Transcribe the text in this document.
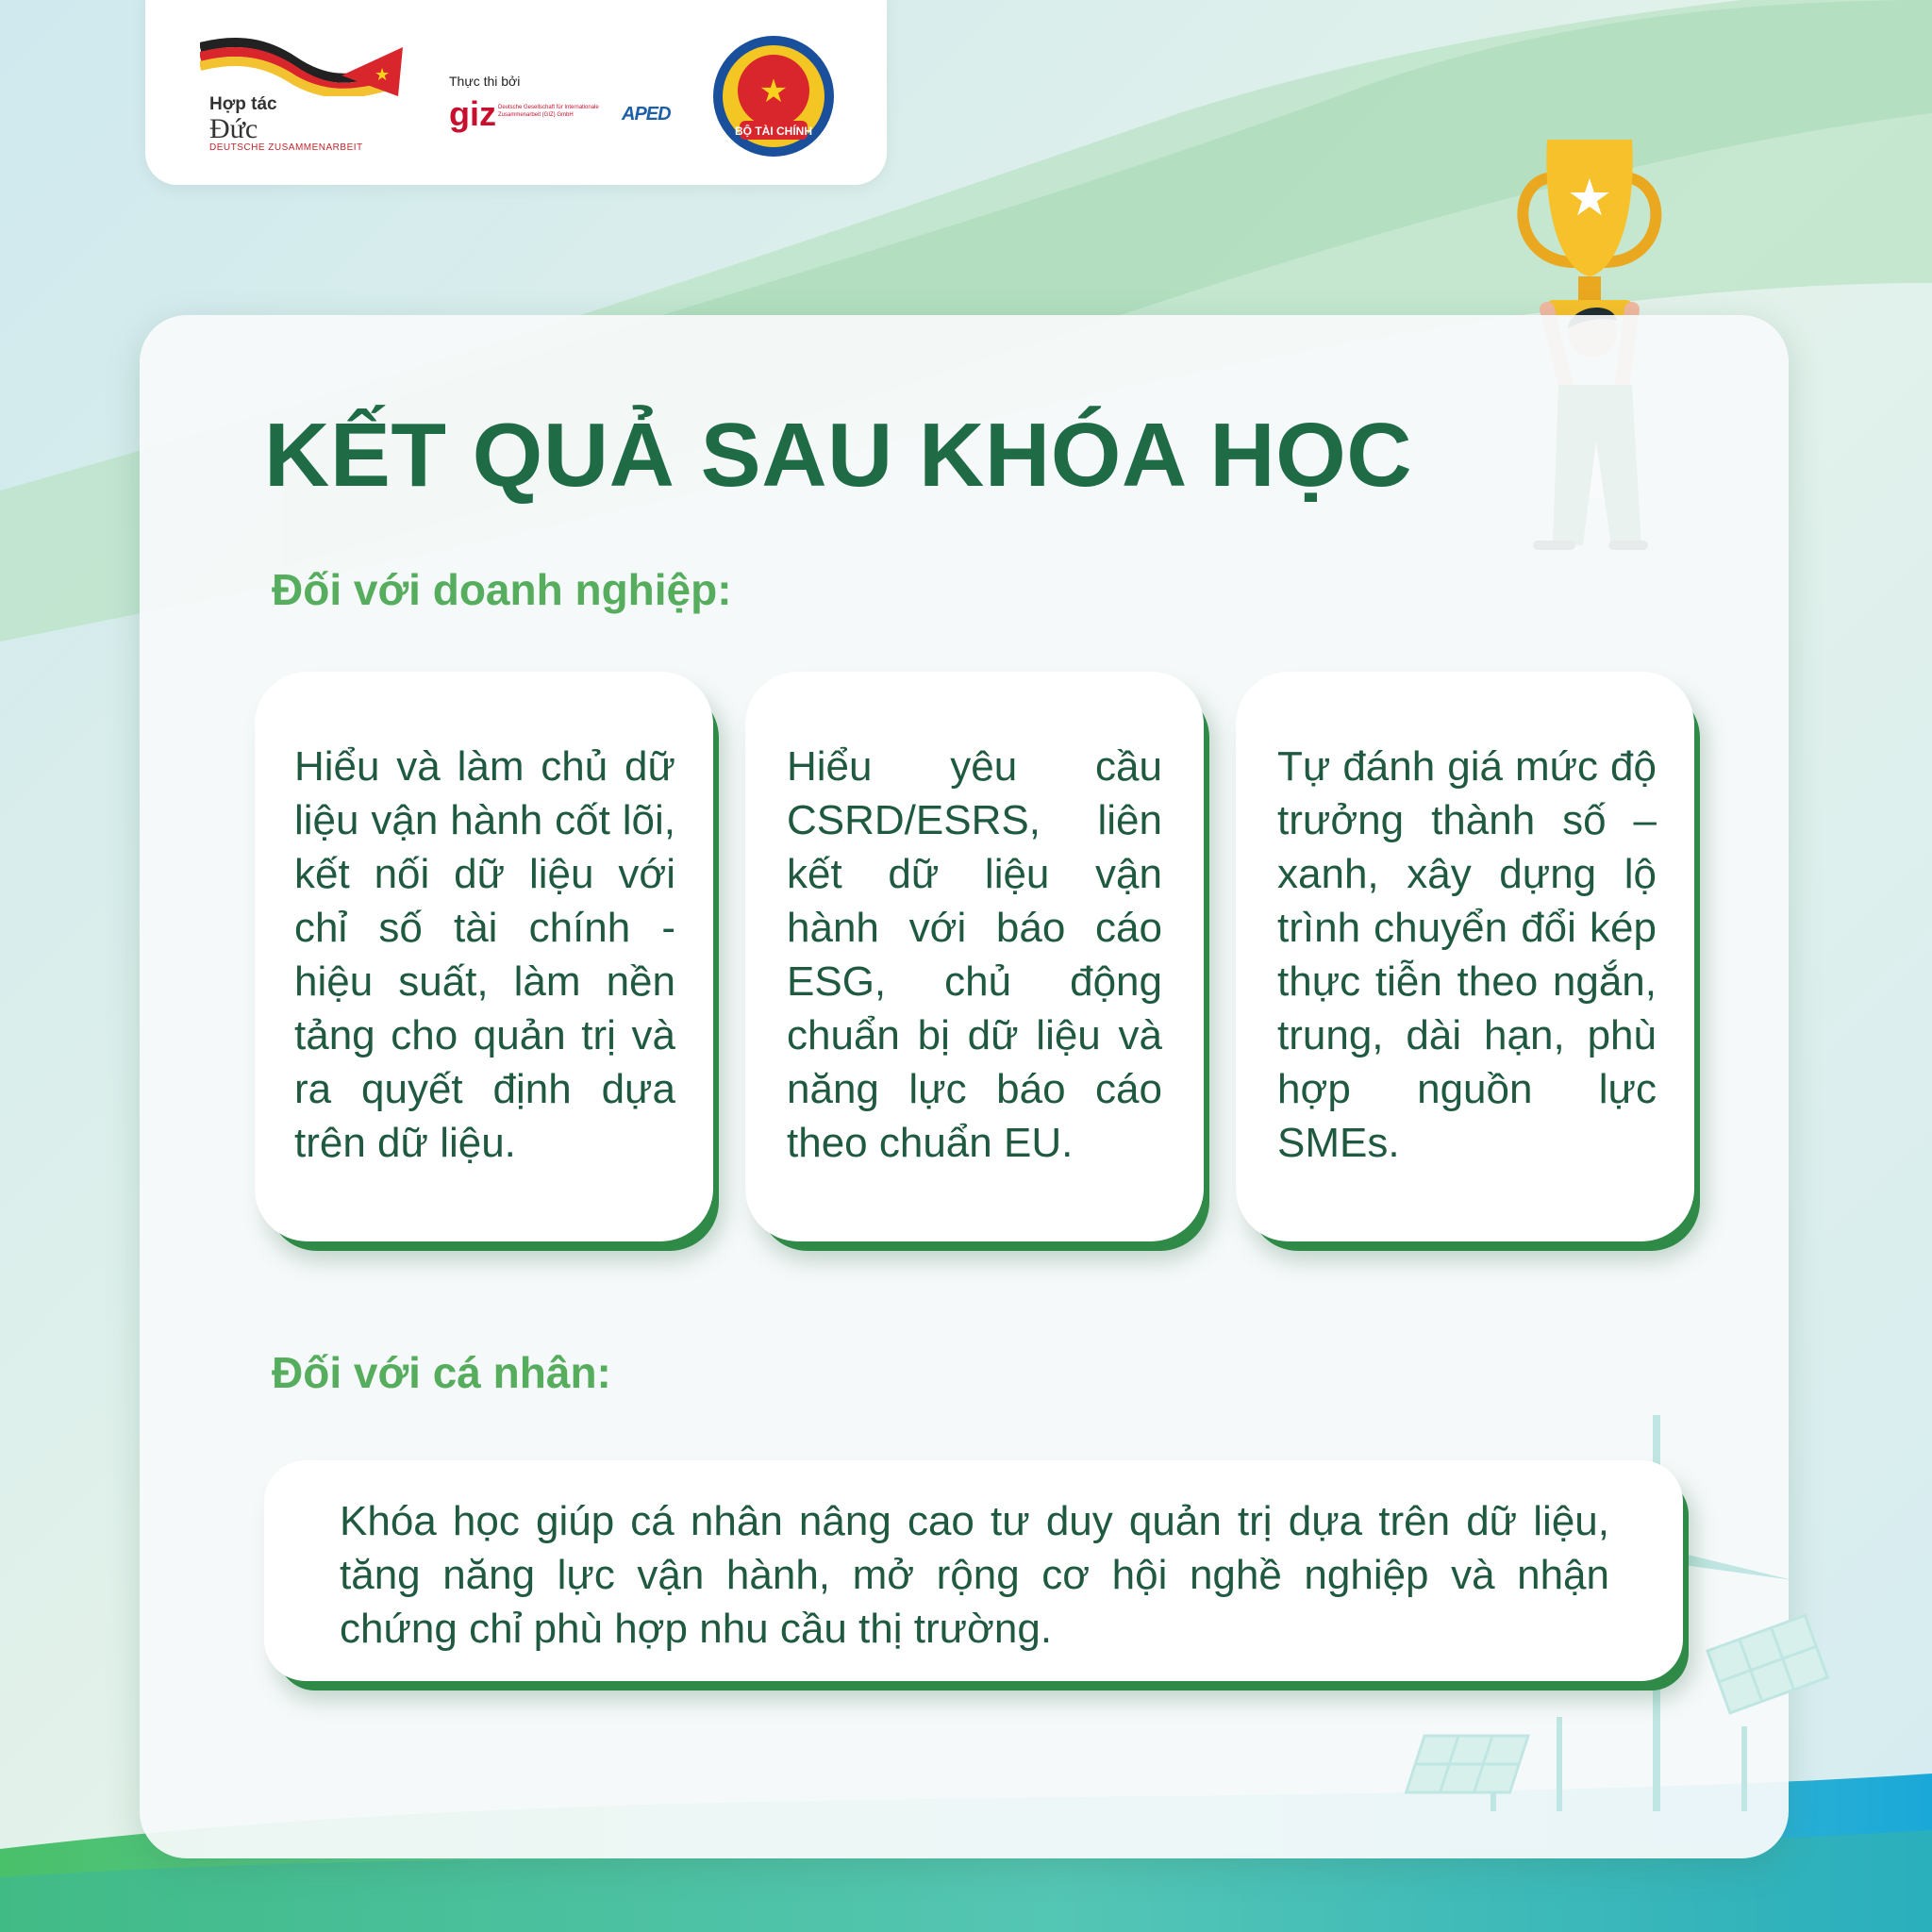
★
Hợp tác
Đức
DEUTSCHE ZUSAMMENARBEIT
Thực thi bởi
giz Deutsche Gesellschaft für Internationale Zusammenarbeit (GIZ) GmbH	APED
★
BỘ TÀI CHÍNH
★
KẾT QUẢ SAU KHÓA HỌC
Đối với doanh nghiệp:

Hiểu và làm chủ dữ liệu vận hành cốt lõi, kết nối dữ liệu với chỉ số tài chính - hiệu suất, làm nền tảng cho quản trị và ra quyết định dựa trên dữ liệu.

Hiểu yêu cầu CSRD/ESRS, liên kết dữ liệu vận hành với báo cáo ESG, chủ động chuẩn bị dữ liệu và năng lực báo cáo theo chuẩn EU.

Tự đánh giá mức độ trưởng thành số – xanh, xây dựng lộ trình chuyển đổi kép thực tiễn theo ngắn, trung, dài hạn, phù hợp nguồn lực SMEs.

Đối với cá nhân:

Khóa học giúp cá nhân nâng cao tư duy quản trị dựa trên dữ liệu, tăng năng lực vận hành, mở rộng cơ hội nghề nghiệp và nhận chứng chỉ phù hợp nhu cầu thị trường.
